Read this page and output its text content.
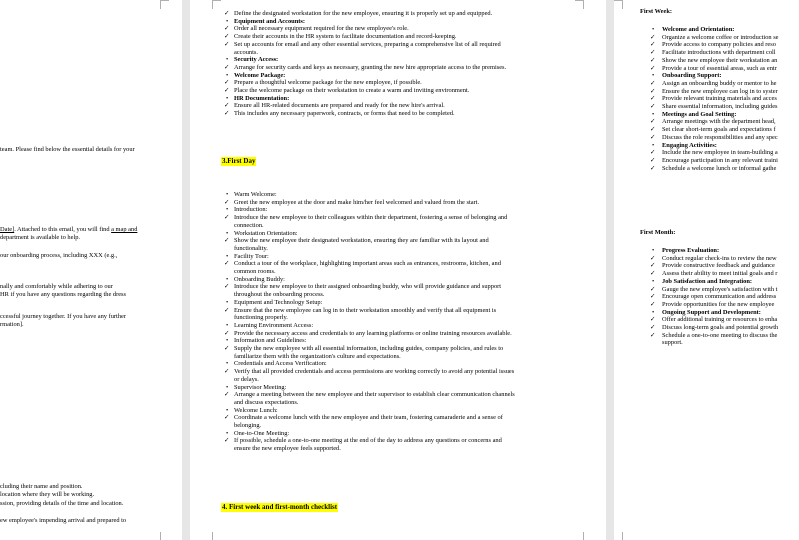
team. Please find below the essential details for your
Date]. Attached to this email, you will find a map and
department is available to help.
our onboarding process, including XXX (e.g.,
nally and comfortably while adhering to our
HR if you have any questions regarding the dress
ccessful journey together. If you have any further
rmation].
cluding their name and position.
location where they will be working.
ssion, providing details of the time and location.
ew employee's impending arrival and prepared to
✓ Define the designated workstation for the new employee, ensuring it is properly set up and equipped.
• Equipment and Accounts:
✓ Order all necessary equipment required for the new employee's role.
✓ Create their accounts in the HR system to facilitate documentation and record-keeping.
✓ Set up accounts for email and any other essential services, preparing a comprehensive list of all required
accounts.
• Security Access:
✓ Arrange for security cards and keys as necessary, granting the new hire appropriate access to the premises.
• Welcome Package:
✓ Prepare a thoughtful welcome package for the new employee, if possible.
✓ Place the welcome package on their workstation to create a warm and inviting environment.
• HR Documentation:
✓ Ensure all HR-related documents are prepared and ready for the new hire's arrival.
✓ This includes any necessary paperwork, contracts, or forms that need to be completed.
3.First Day
• Warm Welcome:
✓ Greet the new employee at the door and make him/her feel welcomed and valued from the start.
• Introduction:
✓ Introduce the new employee to their colleagues within their department, fostering a sense of belonging and
connection.
• Workstation Orientation:
✓ Show the new employee their designated workstation, ensuring they are familiar with its layout and
functionality.
• Facility Tour:
✓ Conduct a tour of the workplace, highlighting important areas such as entrances, restrooms, kitchen, and
common rooms.
• Onboarding Buddy:
✓ Introduce the new employee to their assigned onboarding buddy, who will provide guidance and support
throughout the onboarding process.
• Equipment and Technology Setup:
✓ Ensure that the new employee can log in to their workstation smoothly and verify that all equipment is
functioning properly.
• Learning Environment Access:
✓ Provide the necessary access and credentials to any learning platforms or online training resources available.
• Information and Guidelines:
✓ Supply the new employee with all essential information, including guides, company policies, and rules to
familiarize them with the organization's culture and expectations.
• Credentials and Access Verification:
✓ Verify that all provided credentials and access permissions are working correctly to avoid any potential issues
or delays.
• Supervisor Meeting:
✓ Arrange a meeting between the new employee and their supervisor to establish clear communication channels
and discuss expectations.
• Welcome Lunch:
✓ Coordinate a welcome lunch with the new employee and their team, fostering camaraderie and a sense of
belonging.
• One-to-One Meeting:
✓ If possible, schedule a one-to-one meeting at the end of the day to address any questions or concerns and
ensure the new employee feels supported.
4. First week and first-month checklist
First Week:
• Welcome and Orientation:
✓ Organize a welcome coffee or introduction se
✓ Provide access to company policies and reso
✓ Facilitate introductions with department coll
✓ Show the new employee their workstation an
✓ Provide a tour of essential areas, such as entr
• Onboarding Support:
✓ Assign an onboarding buddy or mentor to he
✓ Ensure the new employee can log in to syster
✓ Provide relevant training materials and acces
✓ Share essential information, including guides
• Meetings and Goal Setting:
✓ Arrange meetings with the department head,
✓ Set clear short-term goals and expectations f
✓ Discuss the role responsibilities and any spec
• Engaging Activities:
✓ Include the new employee in team-building a
✓ Encourage participation in any relevant traini
✓ Schedule a welcome lunch or informal gathe
First Month:
• Progress Evaluation:
✓ Conduct regular check-ins to review the new
✓ Provide constructive feedback and guidance
✓ Assess their ability to meet initial goals and r
• Job Satisfaction and Integration:
✓ Gauge the new employee's satisfaction with t
✓ Encourage open communication and address
✓ Provide opportunities for the new employee
• Ongoing Support and Development:
✓ Offer additional training or resources to enha
✓ Discuss long-term goals and potential growth
✓ Schedule a one-to-one meeting to discuss the
support.
